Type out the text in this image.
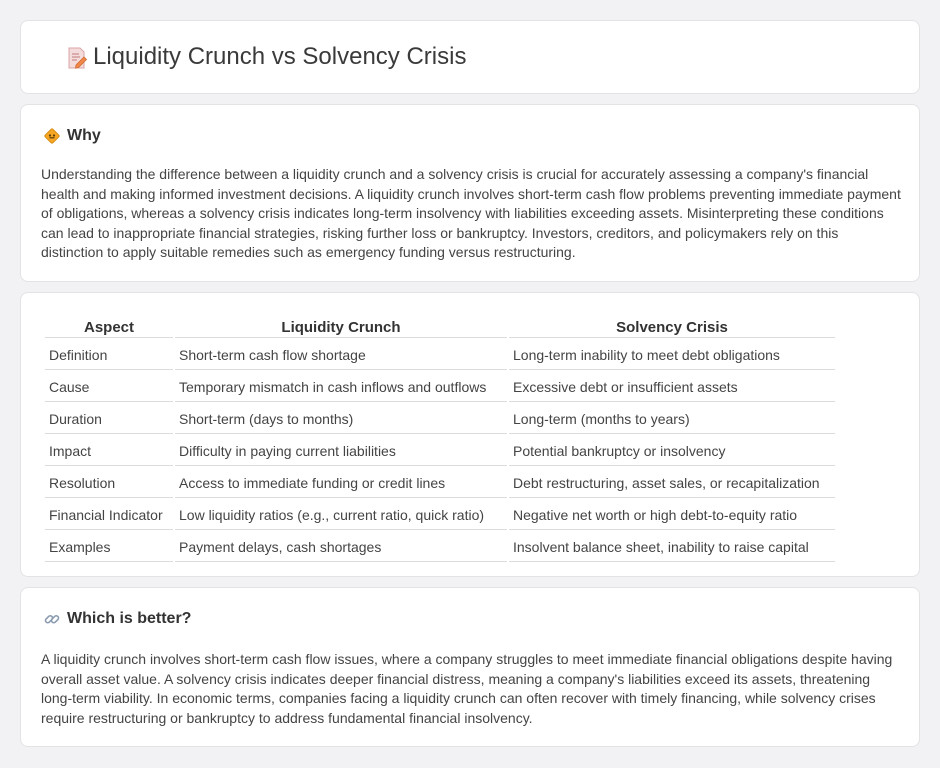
Liquidity Crunch vs Solvency Crisis
Why

Understanding the difference between a liquidity crunch and a solvency crisis is crucial for accurately assessing a company's financial health and making informed investment decisions. A liquidity crunch involves short-term cash flow problems preventing immediate payment of obligations, whereas a solvency crisis indicates long-term insolvency with liabilities exceeding assets. Misinterpreting these conditions can lead to inappropriate financial strategies, risking further loss or bankruptcy. Investors, creditors, and policymakers rely on this distinction to apply suitable remedies such as emergency funding versus restructuring.

Aspect	Liquidity Crunch	Solvency Crisis
Definition	Short-term cash flow shortage	Long-term inability to meet debt obligations
Cause	Temporary mismatch in cash inflows and outflows	Excessive debt or insufficient assets
Duration	Short-term (days to months)	Long-term (months to years)
Impact	Difficulty in paying current liabilities	Potential bankruptcy or insolvency
Resolution	Access to immediate funding or credit lines	Debt restructuring, asset sales, or recapitalization
Financial Indicator	Low liquidity ratios (e.g., current ratio, quick ratio)	Negative net worth or high debt-to-equity ratio
Examples	Payment delays, cash shortages	Insolvent balance sheet, inability to raise capital
Which is better?

A liquidity crunch involves short-term cash flow issues, where a company struggles to meet immediate financial obligations despite having overall asset value. A solvency crisis indicates deeper financial distress, meaning a company's liabilities exceed its assets, threatening long-term viability. In economic terms, companies facing a liquidity crunch can often recover with timely financing, while solvency crises require restructuring or bankruptcy to address fundamental financial insolvency.
